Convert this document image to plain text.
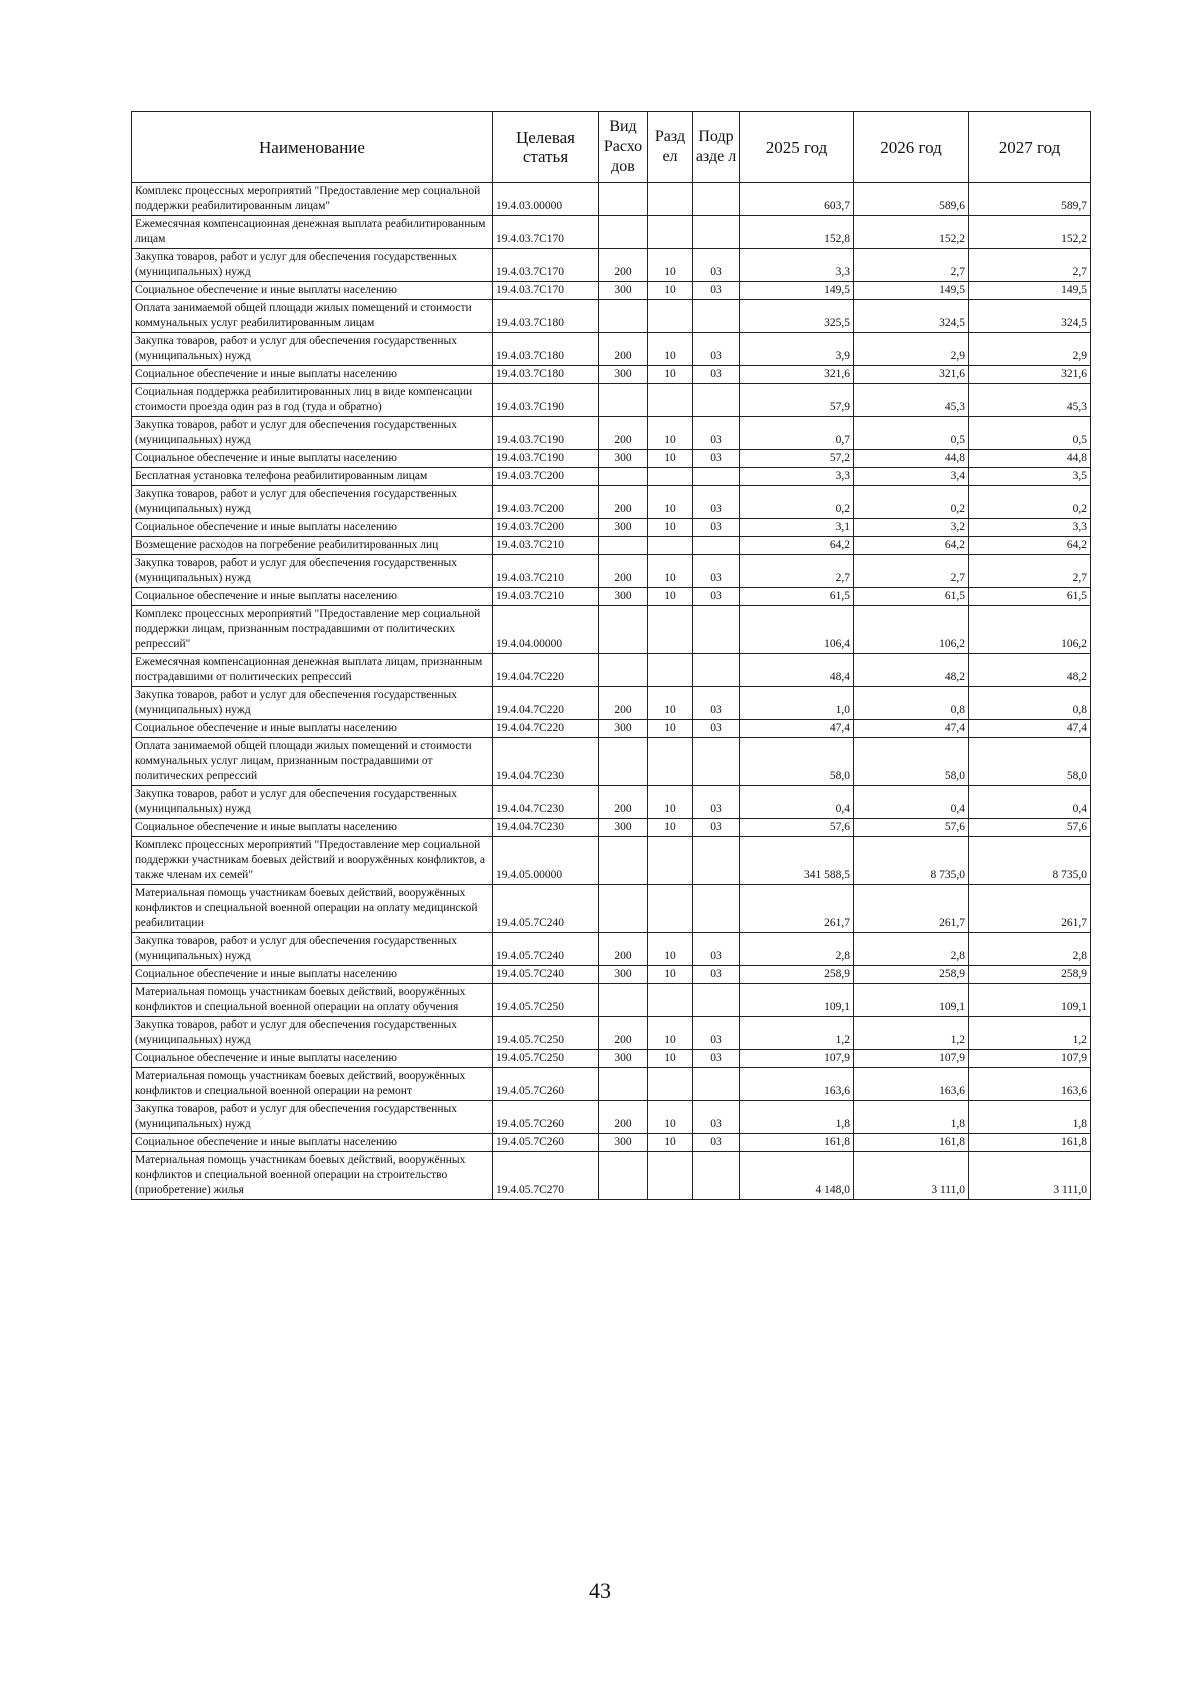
Наименование	Целевая статья	Вид Расхо дов	Разд ел	Подр азде л	2025 год	2026 год	2027 год
Комплекс процессных мероприятий "Предоставление мер социальной поддержки реабилитированным лицам"	19.4.03.00000				603,7	589,6	589,7
Ежемесячная компенсационная денежная выплата реабилитированным лицам	19.4.03.7С170				152,8	152,2	152,2
Закупка товаров, работ и услуг для обеспечения государственных (муниципальных) нужд	19.4.03.7С170	200	10	03	3,3	2,7	2,7
Социальное обеспечение и иные выплаты населению	19.4.03.7С170	300	10	03	149,5	149,5	149,5
Оплата занимаемой общей площади жилых помещений и стоимости коммунальных услуг реабилитированным лицам	19.4.03.7С180				325,5	324,5	324,5
Закупка товаров, работ и услуг для обеспечения государственных (муниципальных) нужд	19.4.03.7С180	200	10	03	3,9	2,9	2,9
Социальное обеспечение и иные выплаты населению	19.4.03.7С180	300	10	03	321,6	321,6	321,6
Социальная поддержка реабилитированных лиц в виде компенсации стоимости проезда один раз в год (туда и обратно)	19.4.03.7С190				57,9	45,3	45,3
Закупка товаров, работ и услуг для обеспечения государственных (муниципальных) нужд	19.4.03.7С190	200	10	03	0,7	0,5	0,5
Социальное обеспечение и иные выплаты населению	19.4.03.7С190	300	10	03	57,2	44,8	44,8
Бесплатная установка телефона реабилитированным лицам	19.4.03.7С200				3,3	3,4	3,5
Закупка товаров, работ и услуг для обеспечения государственных (муниципальных) нужд	19.4.03.7С200	200	10	03	0,2	0,2	0,2
Социальное обеспечение и иные выплаты населению	19.4.03.7С200	300	10	03	3,1	3,2	3,3
Возмещение расходов на погребение реабилитированных лиц	19.4.03.7С210				64,2	64,2	64,2
Закупка товаров, работ и услуг для обеспечения государственных (муниципальных) нужд	19.4.03.7С210	200	10	03	2,7	2,7	2,7
Социальное обеспечение и иные выплаты населению	19.4.03.7С210	300	10	03	61,5	61,5	61,5
Комплекс процессных мероприятий "Предоставление мер социальной поддержки лицам, признанным пострадавшими от политических репрессий"	19.4.04.00000				106,4	106,2	106,2
Ежемесячная компенсационная денежная выплата лицам, признанным пострадавшими от политических репрессий	19.4.04.7С220				48,4	48,2	48,2
Закупка товаров, работ и услуг для обеспечения государственных (муниципальных) нужд	19.4.04.7С220	200	10	03	1,0	0,8	0,8
Социальное обеспечение и иные выплаты населению	19.4.04.7С220	300	10	03	47,4	47,4	47,4
Оплата занимаемой общей площади жилых помещений и стоимости коммунальных услуг лицам, признанным пострадавшими от политических репрессий	19.4.04.7С230				58,0	58,0	58,0
Закупка товаров, работ и услуг для обеспечения государственных (муниципальных) нужд	19.4.04.7С230	200	10	03	0,4	0,4	0,4
Социальное обеспечение и иные выплаты населению	19.4.04.7С230	300	10	03	57,6	57,6	57,6
Комплекс процессных мероприятий "Предоставление мер социальной поддержки участникам боевых действий и вооружённых конфликтов, а также членам их семей"	19.4.05.00000				341 588,5	8 735,0	8 735,0
Материальная помощь участникам боевых действий, вооружённых конфликтов и специальной военной операции на оплату медицинской реабилитации	19.4.05.7С240				261,7	261,7	261,7
Закупка товаров, работ и услуг для обеспечения государственных (муниципальных) нужд	19.4.05.7С240	200	10	03	2,8	2,8	2,8
Социальное обеспечение и иные выплаты населению	19.4.05.7С240	300	10	03	258,9	258,9	258,9
Материальная помощь участникам боевых действий, вооружённых конфликтов и специальной военной операции на оплату обучения	19.4.05.7С250				109,1	109,1	109,1
Закупка товаров, работ и услуг для обеспечения государственных (муниципальных) нужд	19.4.05.7С250	200	10	03	1,2	1,2	1,2
Социальное обеспечение и иные выплаты населению	19.4.05.7С250	300	10	03	107,9	107,9	107,9
Материальная помощь участникам боевых действий, вооружённых конфликтов и специальной военной операции на ремонт	19.4.05.7С260				163,6	163,6	163,6
Закупка товаров, работ и услуг для обеспечения государственных (муниципальных) нужд	19.4.05.7С260	200	10	03	1,8	1,8	1,8
Социальное обеспечение и иные выплаты населению	19.4.05.7С260	300	10	03	161,8	161,8	161,8
Материальная помощь участникам боевых действий, вооружённых конфликтов и специальной военной операции на строительство (приобретение) жилья	19.4.05.7С270				4 148,0	3 111,0	3 111,0
43
